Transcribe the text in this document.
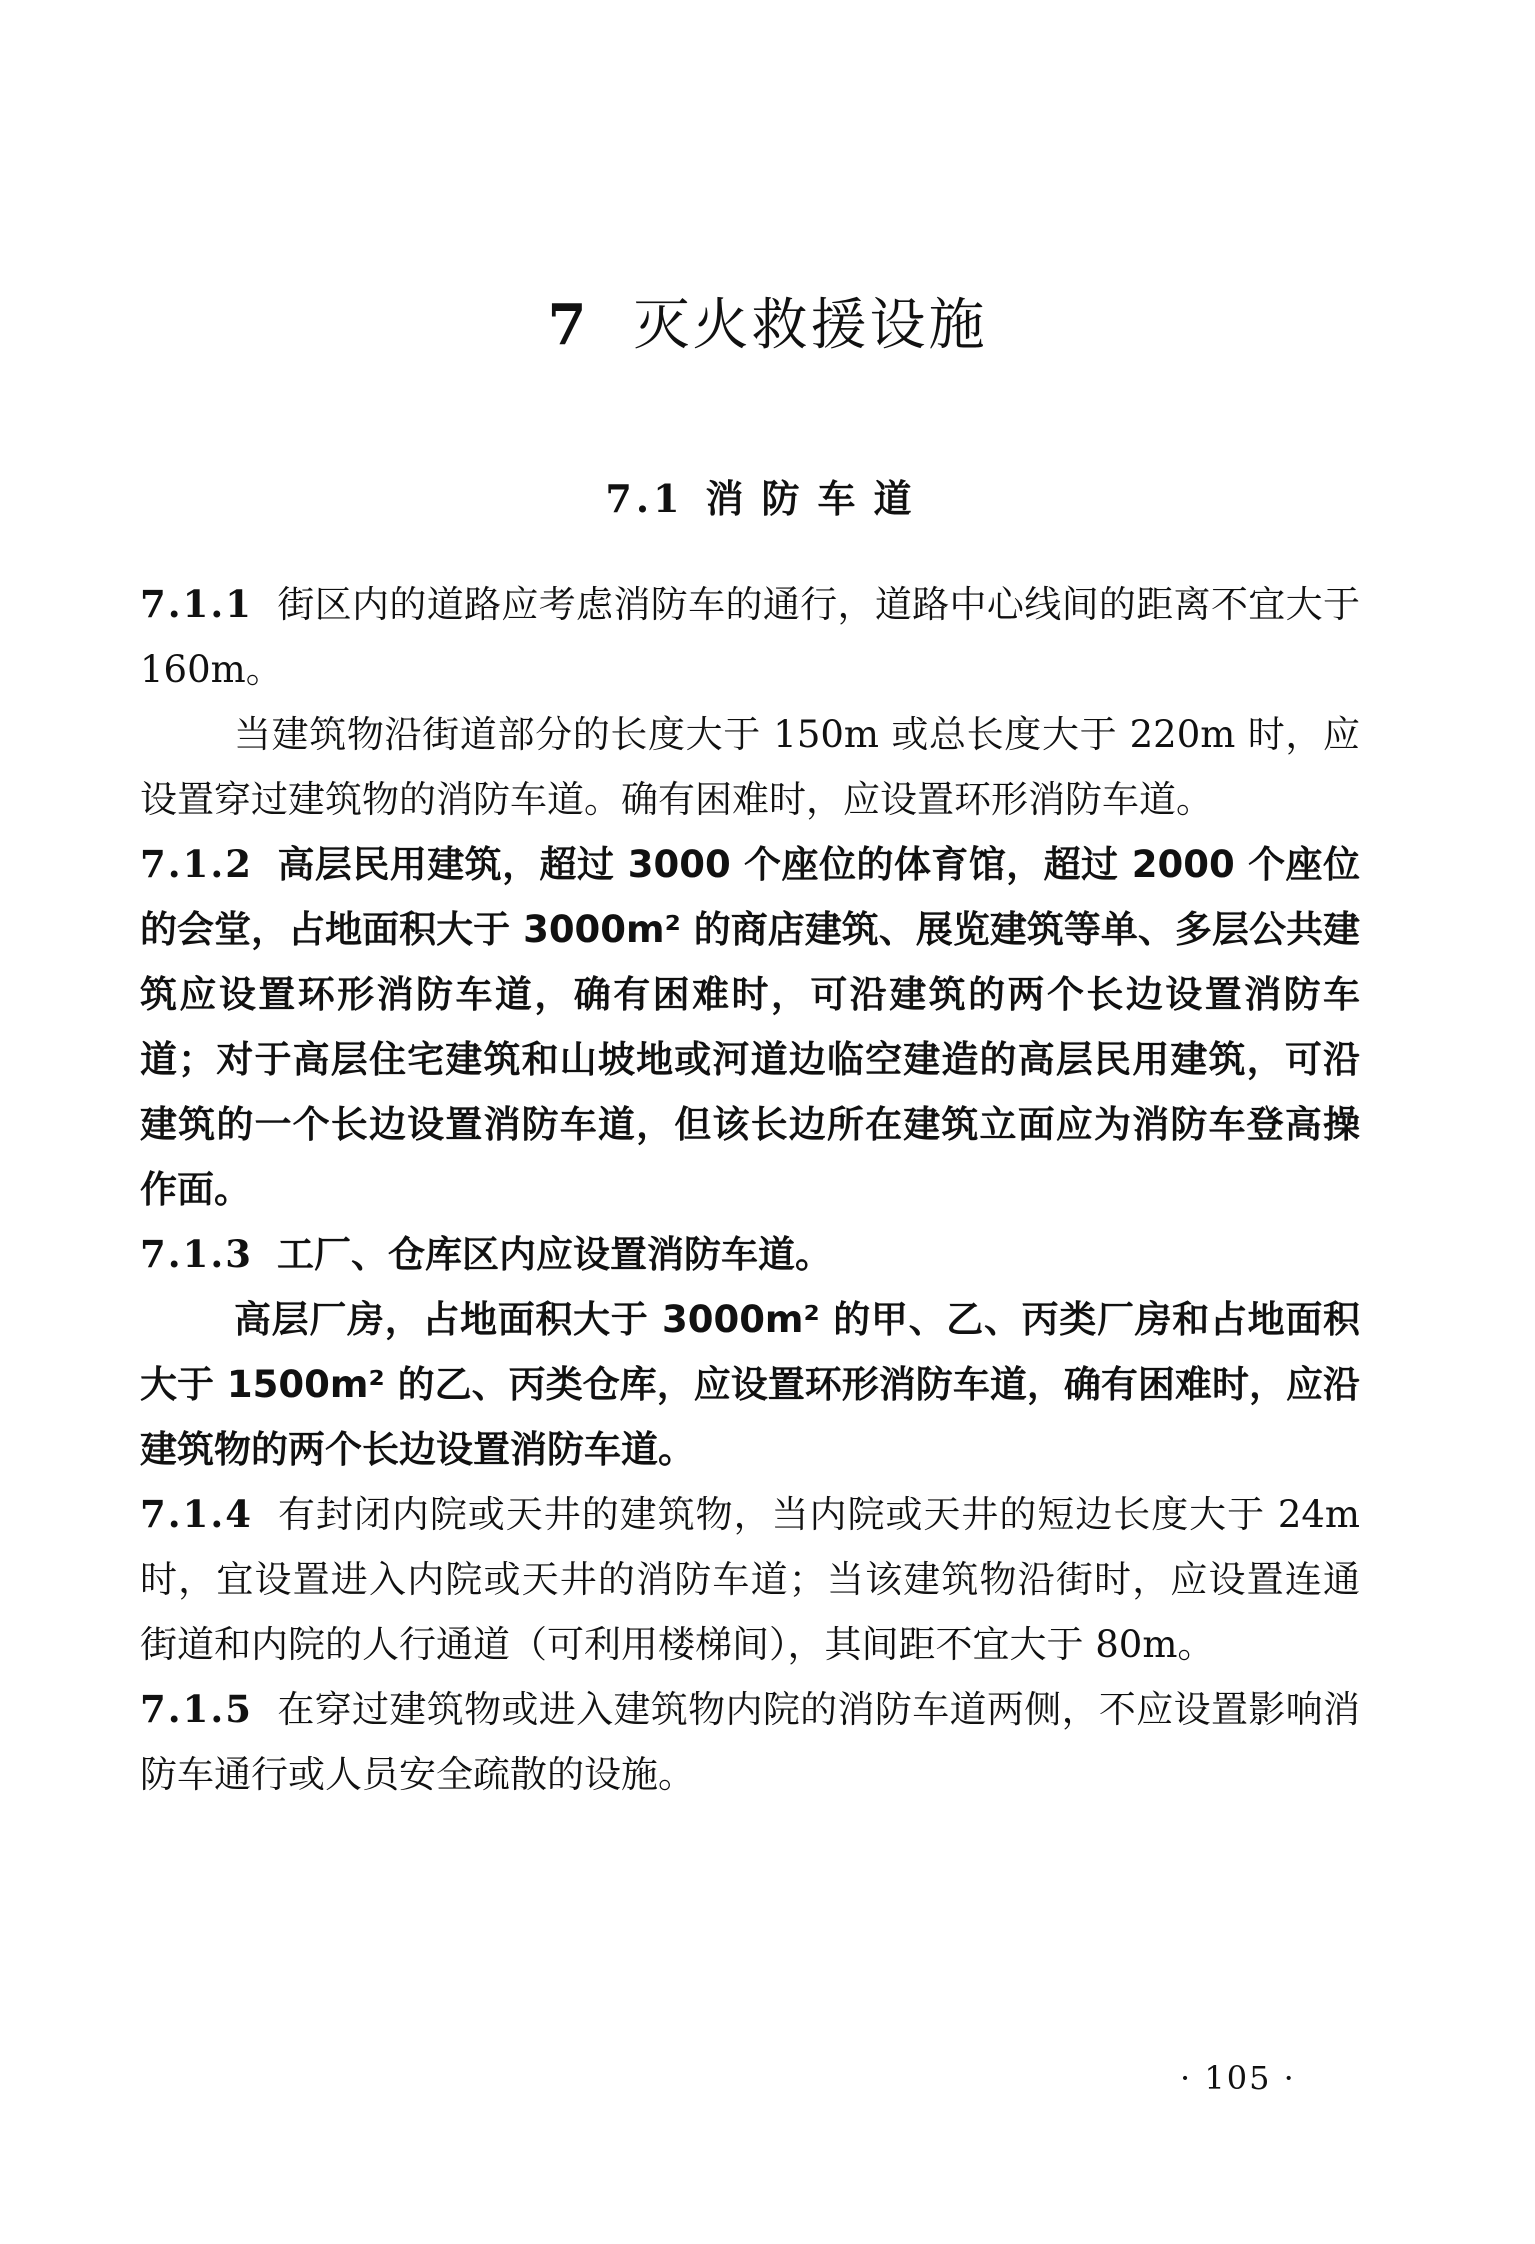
7 灭火救援设施
7.1 消防车道

7.1.1 街区内的道路应考虑消防车的通行，道路中心线间的距离不宜大于 160m。

当建筑物沿街道部分的长度大于 150m 或总长度大于 220m 时，应设置穿过建筑物的消防车道。确有困难时，应设置环形消防车道。

7.1.2 高层民用建筑，超过 3000 个座位的体育馆，超过 2000 个座位的会堂，占地面积大于 3000m² 的商店建筑、展览建筑等单、多层公共建筑应设置环形消防车道，确有困难时，可沿建筑的两个长边设置消防车道；对于高层住宅建筑和山坡地或河道边临空建造的高层民用建筑，可沿建筑的一个长边设置消防车道，但该长边所在建筑立面应为消防车登高操作面。

7.1.3 工厂、仓库区内应设置消防车道。

高层厂房，占地面积大于 3000m² 的甲、乙、丙类厂房和占地面积大于 1500m² 的乙、丙类仓库，应设置环形消防车道，确有困难时，应沿建筑物的两个长边设置消防车道。

7.1.4 有封闭内院或天井的建筑物，当内院或天井的短边长度大于 24m 时，宜设置进入内院或天井的消防车道；当该建筑物沿街时，应设置连通街道和内院的人行通道（可利用楼梯间），其间距不宜大于 80m。

7.1.5 在穿过建筑物或进入建筑物内院的消防车道两侧，不应设置影响消防车通行或人员安全疏散的设施。

· 105 ·
